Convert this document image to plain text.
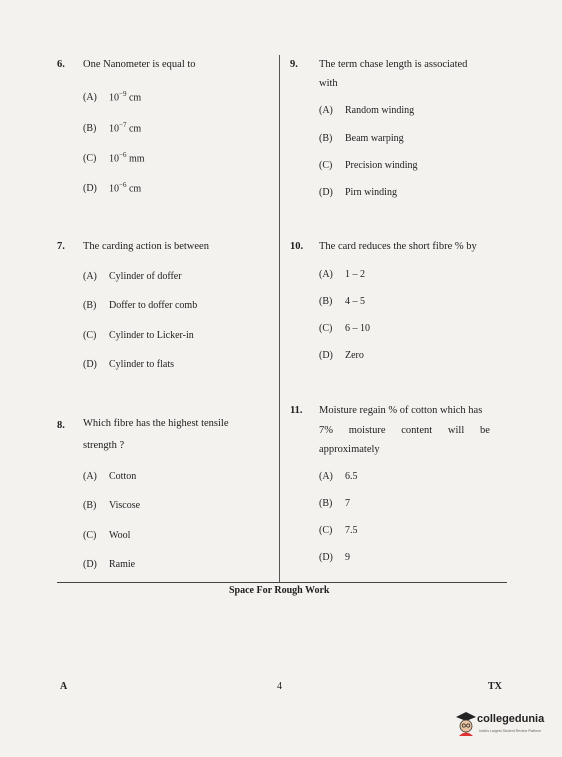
6. One Nanometer is equal to
(A) $10^{-9}$ cm
(B) $10^{-7}$ cm
(C) $10^{-6}$ mm
(D) $10^{-6}$ cm
7. The carding action is between
(A) Cylinder of doffer
(B) Doffer to doffer comb
(C) Cylinder to Licker-in
(D) Cylinder to flats
8. Which fibre has the highest tensile
strength ?
(A) Cotton
(B) Viscose
(C) Wool
(D) Ramie
9. The term chase length is associated
with
(A) Random winding
(B) Beam warping
(C) Precision winding
(D) Pirn winding
10. The card reduces the short fibre % by
(A) 1 – 2
(B) 4 – 5
(C) 6 – 10
(D) Zero
11. Moisture regain % of cotton which has
7%      moisture      content      will      be
approximately
(A) 6.5
(B) 7
(C) 7.5
(D) 9
Space For Rough Work
A	4	TX
collegedunia
India's Largest Student Review Platform
